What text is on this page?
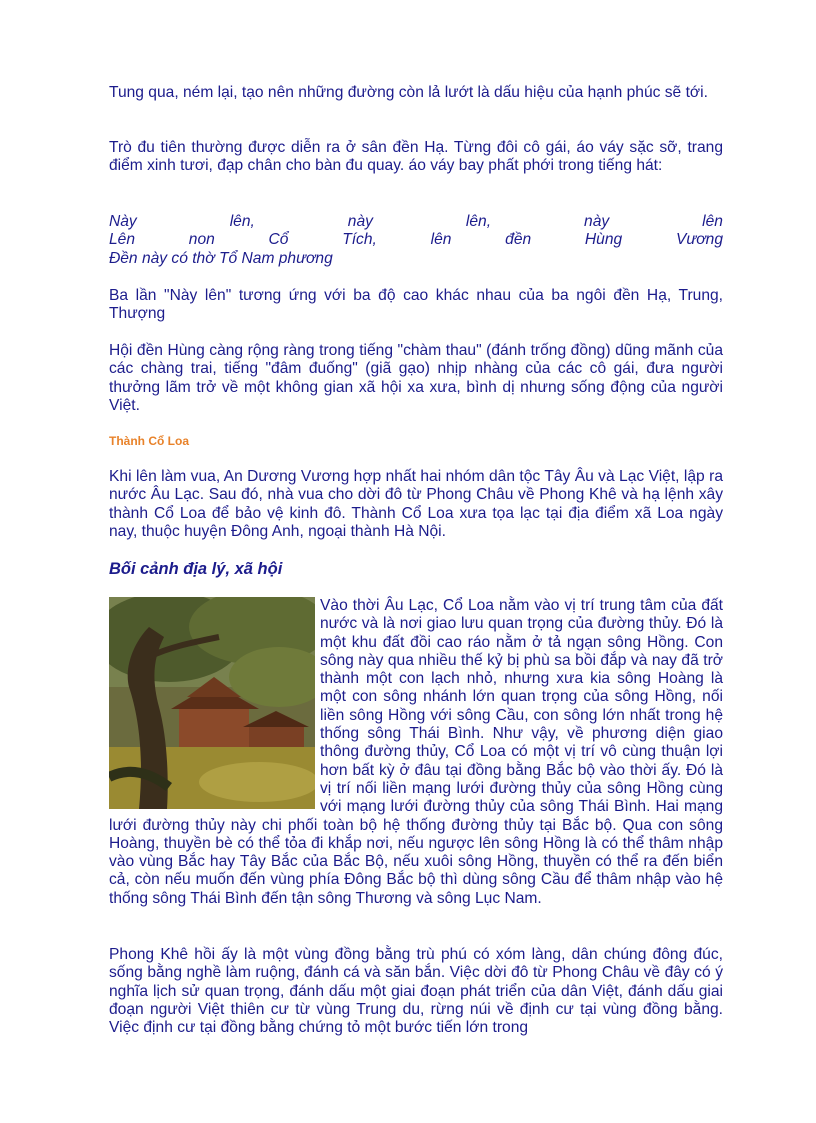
Tung qua, ném lại, tạo nên những đường còn lả lướt là dấu hiệu của hạnh phúc sẽ tới.

Trò đu tiên thường được diễn ra ở sân đền Hạ. Từng đôi cô gái, áo váy sặc sỡ, trang điểm xinh tươi, đạp chân cho bàn đu quay. áo váy bay phất phới trong tiếng hát:

Này	lên,	này	lên,	này	lên
Lên	non	Cổ	Tích,	lên	đền	Hùng	Vương
Đền này có thờ Tổ Nam phương

Ba lần "Này lên" tương ứng với ba độ cao khác nhau của ba ngôi đền Hạ, Trung, Thượng

Hội đền Hùng càng rộng ràng trong tiếng "chàm thau" (đánh trống đồng) dũng mãnh của các chàng trai, tiếng "đâm đuống" (giã gạo) nhịp nhàng của các cô gái, đưa người thưởng lãm trở về một không gian xã hội xa xưa, bình dị nhưng sống động của người Việt.

Thành Cổ Loa

Khi lên làm vua, An Dương Vương hợp nhất hai nhóm dân tộc Tây Âu và Lạc Việt, lập ra nước Âu Lạc. Sau đó, nhà vua cho dời đô từ Phong Châu về Phong Khê và hạ lệnh xây thành Cổ Loa để bảo vệ kinh đô. Thành Cổ Loa xưa tọa lạc tại địa điểm xã Loa ngày nay, thuộc huyện Đông Anh, ngoại thành Hà Nội.

Bối cảnh địa lý, xã hội

Vào thời Âu Lạc, Cổ Loa nằm vào vị trí trung tâm của đất nước và là nơi giao lưu quan trọng của đường thủy. Đó là một khu đất đồi cao ráo nằm ở tả ngạn sông Hồng. Con sông này qua nhiều thế kỷ bị phù sa bồi đắp và nay đã trở thành một con lạch nhỏ, nhưng xưa kia sông Hoàng là một con sông nhánh lớn quan trọng của sông Hồng, nối liền sông Hồng với sông Cầu, con sông lớn nhất trong hệ thống sông Thái Bình. Như vậy, về phương diện giao thông đường thủy, Cổ Loa có một vị trí vô cùng thuận lợi hơn bất kỳ ở đâu tại đồng bằng Bắc bộ vào thời ấy. Đó là vị trí nối liền mạng lưới đường thủy của sông Hồng cùng với mạng lưới đường thủy của sông Thái Bình. Hai mạng lưới đường thủy này chi phối toàn bộ hệ thống đường thủy tại Bắc bộ. Qua con sông Hoàng, thuyền bè có thể tỏa đi khắp nơi, nếu ngược lên sông Hồng là có thể thâm nhập vào vùng Bắc hay Tây Bắc của Bắc Bộ, nếu xuôi sông Hồng, thuyền có thể ra đến biển cả, còn nếu muốn đến vùng phía Đông Bắc bộ thì dùng sông Cầu để thâm nhập vào hệ thống sông Thái Bình đến tận sông Thương và sông Lục Nam.

Phong Khê hồi ấy là một vùng đồng bằng trù phú có xóm làng, dân chúng đông đúc, sống bằng nghề làm ruộng, đánh cá và săn bắn. Việc dời đô từ Phong Châu về đây có ý nghĩa lịch sử quan trọng, đánh dấu một giai đoạn phát triển của dân Việt, đánh dấu giai đoạn người Việt thiên cư từ vùng Trung du, rừng núi về định cư tại vùng đồng bằng. Việc định cư tại đồng bằng chứng tỏ một bước tiến lớn trong
